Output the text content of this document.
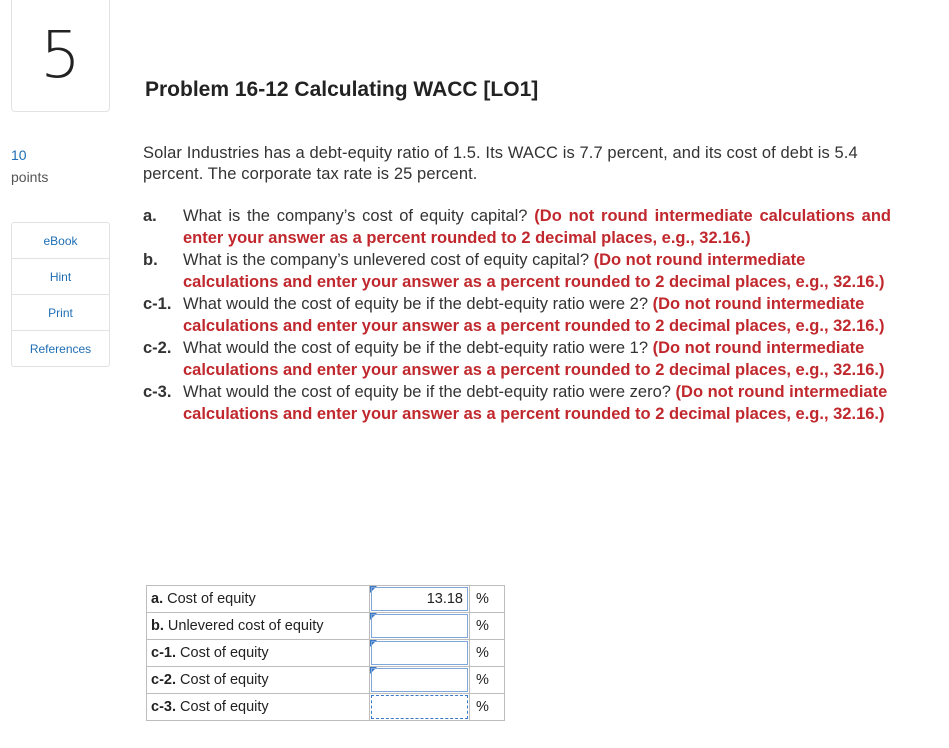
5
10
points
eBook
Hint
Print
References
Problem 16-12 Calculating WACC [LO1]
Solar Industries has a debt-equity ratio of 1.5. Its WACC is 7.7 percent, and its cost of debt is 5.4 percent. The corporate tax rate is 25 percent.
a.	What is the company’s cost of equity capital? (Do not round intermediate calculations and enter your answer as a percent rounded to 2 decimal places, e.g., 32.16.)
b.	What is the company’s unlevered cost of equity capital? (Do not round intermediate calculations and enter your answer as a percent rounded to 2 decimal places, e.g., 32.16.)
c-1. What would the cost of equity be if the debt-equity ratio were 2? (Do not round intermediate calculations and enter your answer as a percent rounded to 2 decimal places, e.g., 32.16.)
c-2. What would the cost of equity be if the debt-equity ratio were 1? (Do not round intermediate calculations and enter your answer as a percent rounded to 2 decimal places, e.g., 32.16.)
c-3. What would the cost of equity be if the debt-equity ratio were zero? (Do not round intermediate calculations and enter your answer as a percent rounded to 2 decimal places, e.g., 32.16.)
a. Cost of equity	13.18	%
b. Unlevered cost of equity		%
c-1. Cost of equity		%
c-2. Cost of equity		%
c-3. Cost of equity		%
